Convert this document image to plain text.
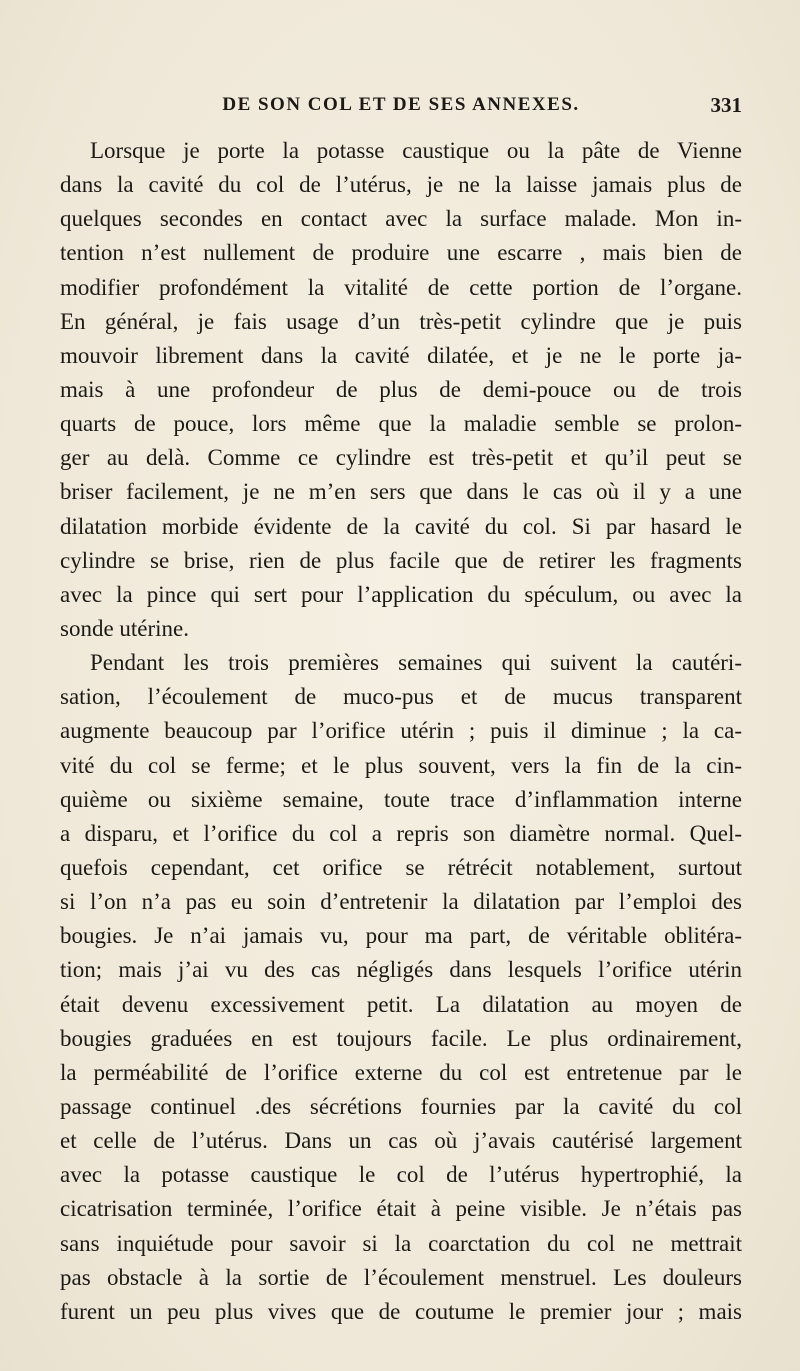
DE SON COL ET DE SES ANNEXES.	331
Lorsque je porte la potasse caustique ou la pâte de Vienne
dans la cavité du col de l’utérus, je ne la laisse jamais plus de
quelques secondes en contact avec la surface malade. Mon in-
tention n’est nullement de produire une escarre , mais bien de
modifier profondément la vitalité de cette portion de l’organe.
En général, je fais usage d’un très-petit cylindre que je puis
mouvoir librement dans la cavité dilatée, et je ne le porte ja-
mais à une profondeur de plus de demi-pouce ou de trois
quarts de pouce, lors même que la maladie semble se prolon-
ger au delà. Comme ce cylindre est très-petit et qu’il peut se
briser facilement, je ne m’en sers que dans le cas où il y a une
dilatation morbide évidente de la cavité du col. Si par hasard le
cylindre se brise, rien de plus facile que de retirer les fragments
avec la pince qui sert pour l’application du spéculum, ou avec la
sonde utérine.
Pendant les trois premières semaines qui suivent la cautéri-
sation, l’écoulement de muco-pus et de mucus transparent
augmente beaucoup par l’orifice utérin ; puis il diminue ; la ca-
vité du col se ferme; et le plus souvent, vers la fin de la cin-
quième ou sixième semaine, toute trace d’inflammation interne
a disparu, et l’orifice du col a repris son diamètre normal. Quel-
quefois cependant, cet orifice se rétrécit notablement, surtout
si l’on n’a pas eu soin d’entretenir la dilatation par l’emploi des
bougies. Je n’ai jamais vu, pour ma part, de véritable oblitéra-
tion; mais j’ai vu des cas négligés dans lesquels l’orifice utérin
était devenu excessivement petit. La dilatation au moyen de
bougies graduées en est toujours facile. Le plus ordinairement,
la perméabilité de l’orifice externe du col est entretenue par le
passage continuel .des sécrétions fournies par la cavité du col
et celle de l’utérus. Dans un cas où j’avais cautérisé largement
avec la potasse caustique le col de l’utérus hypertrophié, la
cicatrisation terminée, l’orifice était à peine visible. Je n’étais pas
sans inquiétude pour savoir si la coarctation du col ne mettrait
pas obstacle à la sortie de l’écoulement menstruel. Les douleurs
furent un peu plus vives que de coutume le premier jour ; mais
